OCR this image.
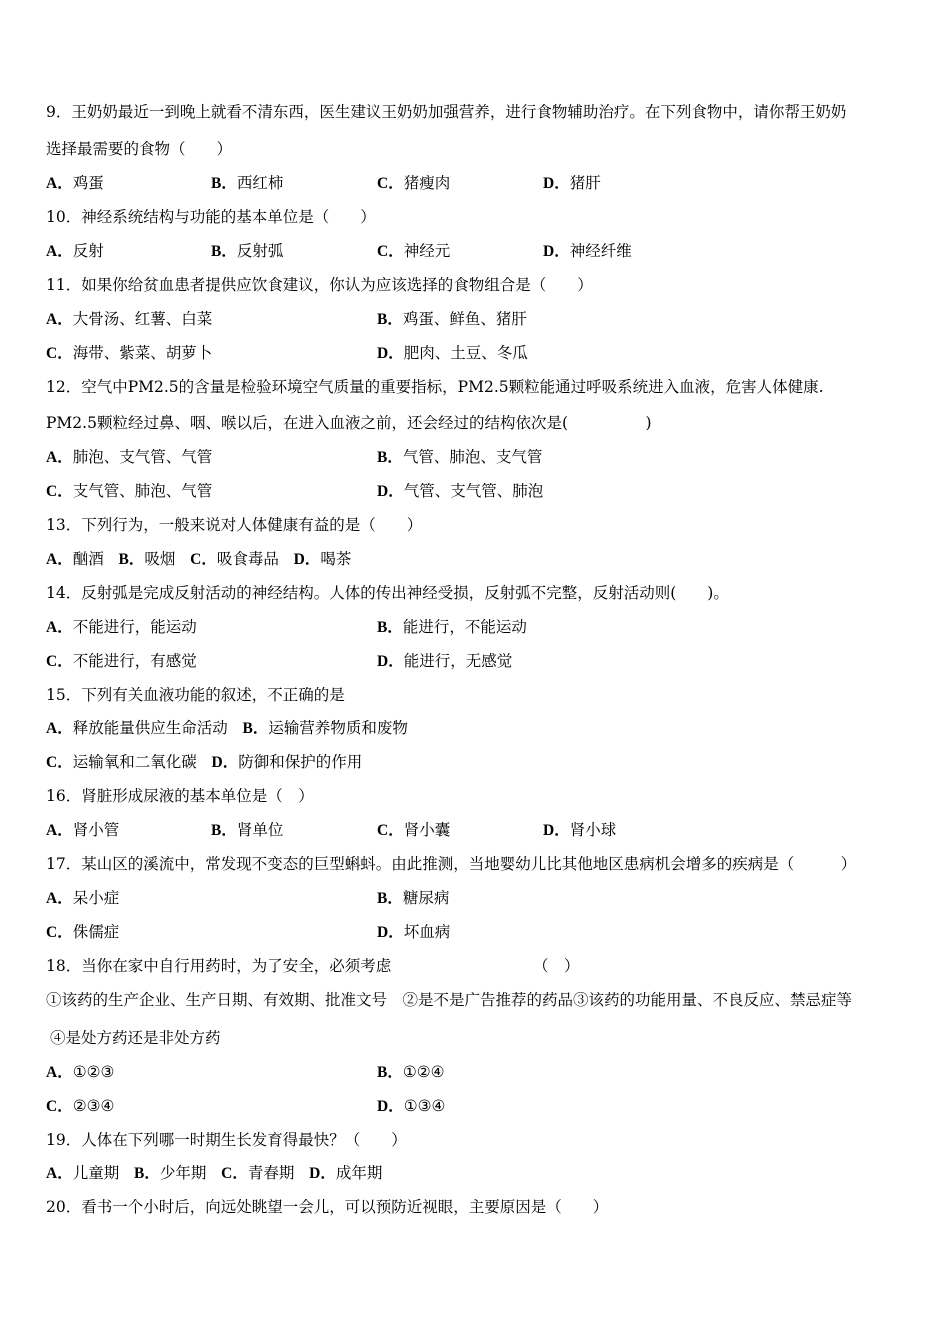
9．王奶奶最近一到晚上就看不清东西，医生建议王奶奶加强营养，进行食物辅助治疗。在下列食物中，请你帮王奶奶
选择最需要的食物（　　）
A．鸡蛋	B．西红柿	C．猪瘦肉	D．猪肝
10．神经系统结构与功能的基本单位是（　　）
A．反射	B．反射弧	C．神经元	D．神经纤维
11．如果你给贫血患者提供应饮食建议，你认为应该选择的食物组合是（　　）
A．大骨汤、红薯、白菜	B．鸡蛋、鲜鱼、猪肝
C．海带、紫菜、胡萝卜	D．肥肉、土豆、冬瓜
12．空气中PM2.5的含量是检验环境空气质量的重要指标，PM2.5颗粒能通过呼吸系统进入血液，危害人体健康.
PM2.5颗粒经过鼻、咽、喉以后，在进入血液之前，还会经过的结构依次是(　　　　　)
A．肺泡、支气管、气管	B．气管、肺泡、支气管
C．支气管、肺泡、气管	D．气管、支气管、肺泡
13．下列行为，一般来说对人体健康有益的是（　　）
A．酗酒 B．吸烟 C．吸食毒品 D．喝茶
14．反射弧是完成反射活动的神经结构。人体的传出神经受损，反射弧不完整，反射活动则(　　)。
A．不能进行，能运动	B．能进行，不能运动
C．不能进行，有感觉	D．能进行，无感觉
15．下列有关血液功能的叙述，不正确的是
A．释放能量供应生命活动 B．运输营养物质和废物
C．运输氧和二氧化碳 D．防御和保护的作用
16．肾脏形成尿液的基本单位是（　）
A．肾小管	B．肾单位	C．肾小囊	D．肾小球
17．某山区的溪流中，常发现不变态的巨型蝌蚪。由此推测，当地婴幼儿比其他地区患病机会增多的疾病是（　　　）
A．呆小症	B．糖尿病
C．侏儒症	D．坏血病
18．当你在家中自行用药时，为了安全，必须考虑	（　）
①该药的生产企业、生产日期、有效期、批准文号　②是不是广告推荐的药品③该药的功能用量、不良反应、禁忌症等
④是处方药还是非处方药
A．①②③	B．①②④
C．②③④	D．①③④
19．人体在下列哪一时期生长发育得最快？（　　）
A．儿童期 B．少年期 C．青春期 D．成年期
20．看书一个小时后，向远处眺望一会儿，可以预防近视眼，主要原因是（　　）
